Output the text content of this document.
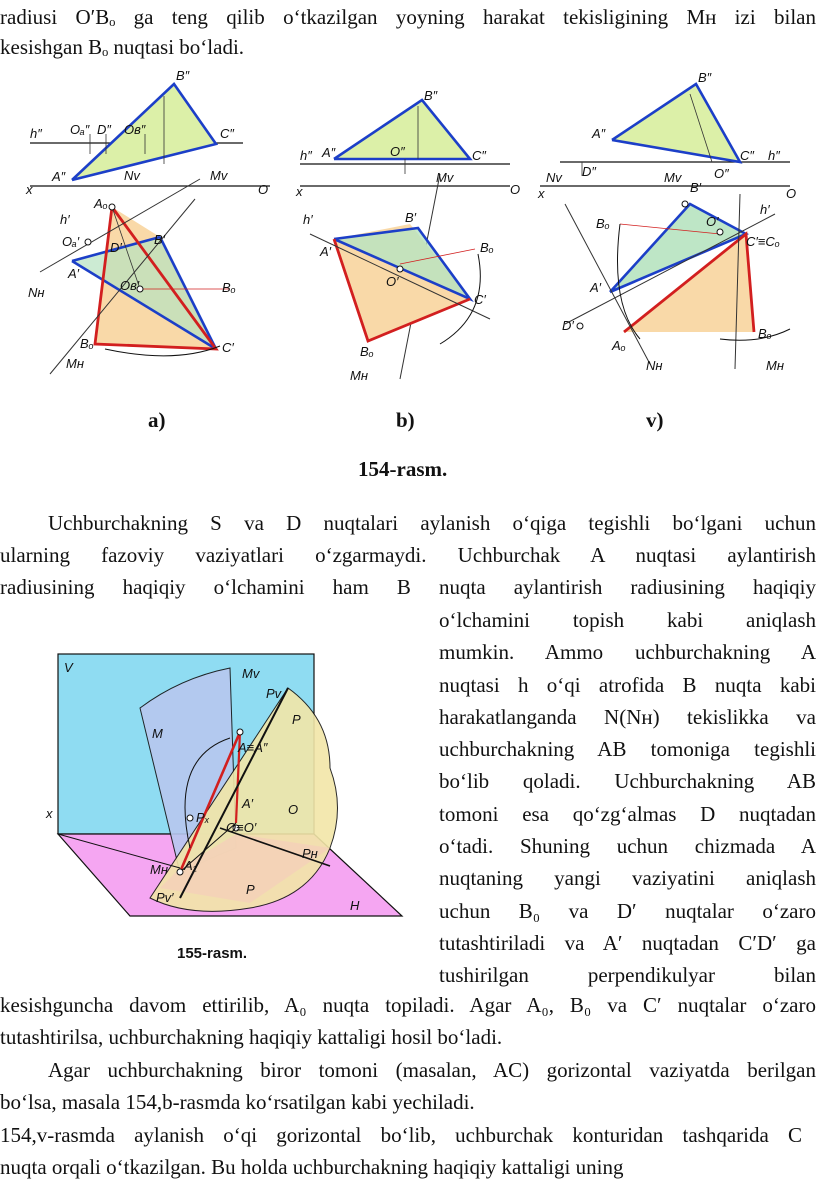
radiusi O′Bₒ ga teng qilib o‘tkazilgan yoyning harakat tekisligining Mʜ izi bilan
kesishgan Bₒ nuqtasi bo‘ladi.
h″ Oₐ″ D″ Oʙ″
B″
C″
A″
x
Nᴠ	Mᴠ
O
Aₒ
h′
Oₐ′ D′
B′
Oʙ′	Bₒ
A′
Nʜ
Bₒ	C′
Mʜ
B″
h″ A″	O″	C″
x
Mᴠ
O
h′	B′
Bₒ
A′
O′
C′
Bₒ
Mʜ
B″
A″
Nᴠ D″	Mᴠ	O″
C″ h″
x	B′	O
Bₒ
h′
O′
C′≡Cₒ
A′
D′
Aₒ
Bₒ
Nʜ	Mʜ
a)	b)	v)
154-rasm.
Uchburchakning S va D nuqtalari aylanish o‘qiga tegishli bo‘lgani uchun
ularning fazoviy vaziyatlari o‘zgarmaydi. Uchburchak A nuqtasi aylantirish
radiusining haqiqiy o‘lchamini ham B nuqta aylantirish radiusining haqiqiy
V	Mᴠ
Pᴠ
P
M
A≡A″
A′	O
Pₓ
O≡O′
x
Pʜ
Mʜ A₁′
P
Pᴠ′
H
155-rasm.
o‘lchamini topish kabi aniqlash
mumkin. Ammo uchburchakning A
nuqtasi h o‘qi atrofida B nuqta kabi
harakatlanganda N(Nʜ) tekislikka va
uchburchakning AB tomoniga tegishli
bo‘lib qoladi. Uchburchakning AB
tomoni esa qo‘zg‘almas D nuqtadan
o‘tadi. Shuning uchun chizmada A
nuqtaning yangi vaziyatini aniqlash
uchun B₀ va D′ nuqtalar o‘zaro
tutashtiriladi va A′ nuqtadan C′D′ ga
tushirilgan perpendikulyar bilan
kesishguncha davom ettirilib, A₀ nuqta topiladi. Agar A₀, B₀ va C′ nuqtalar o‘zaro
tutashtirilsa, uchburchakning haqiqiy kattaligi hosil bo‘ladi.
Agar uchburchakning biror tomoni (masalan, AC) gorizontal vaziyatda berilgan
bo‘lsa, masala 154,b-rasmda ko‘rsatilgan kabi yechiladi.
154,v-rasmda aylanish o‘qi gorizontal bo‘lib, uchburchak konturidan tashqarida C
nuqta orqali o‘tkazilgan. Bu holda uchburchakning haqiqiy kattaligi uning
